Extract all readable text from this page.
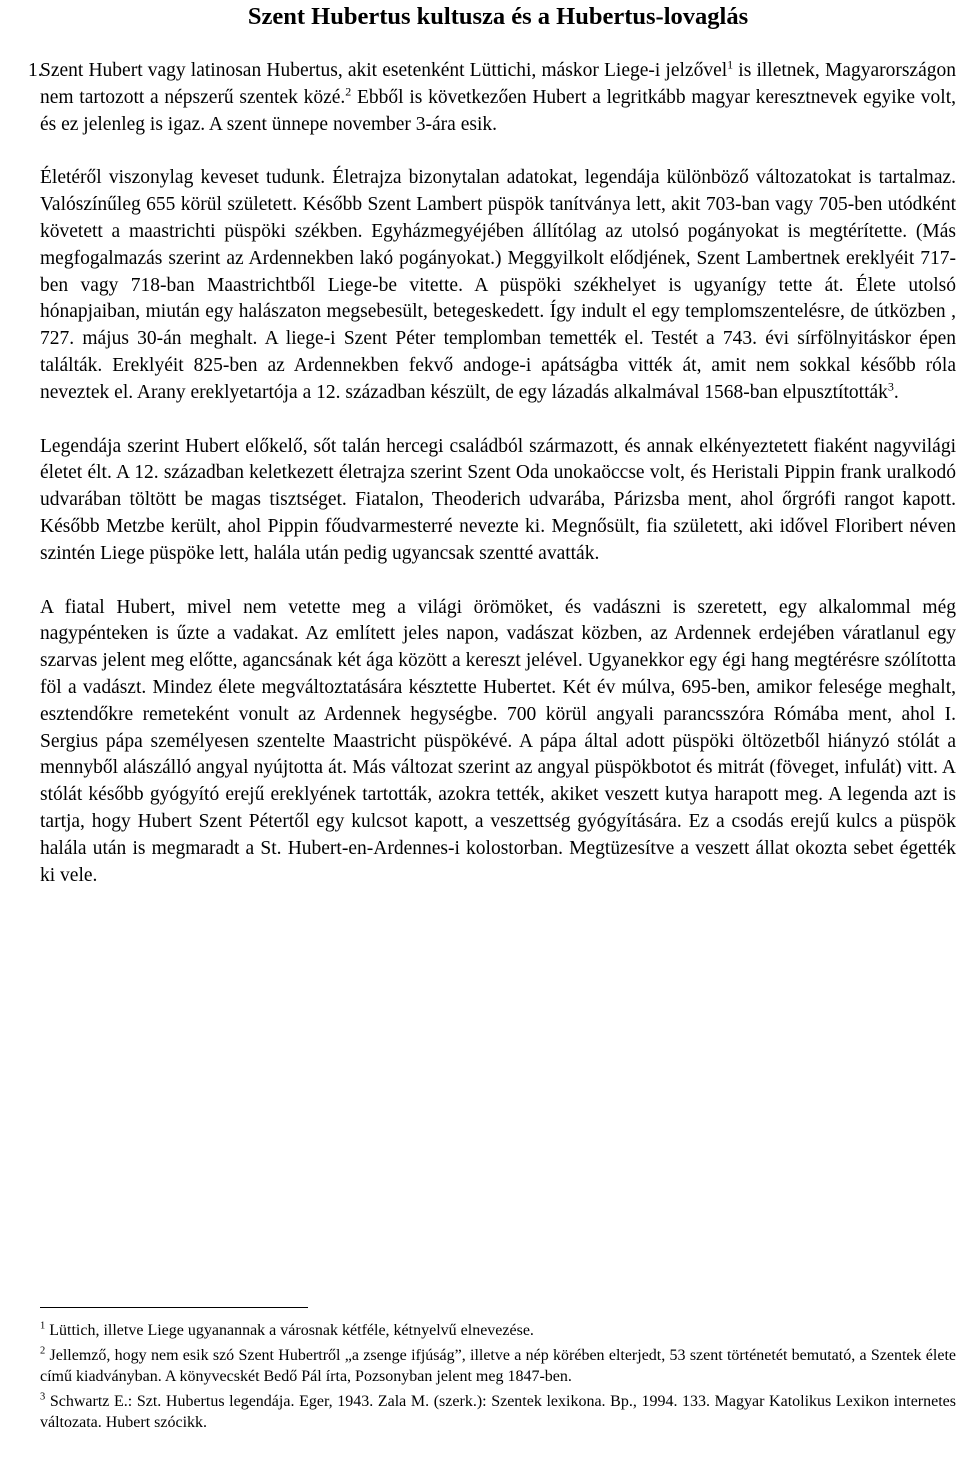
Szent Hubertus kultusza és a Hubertus-lovaglás

1.
Szent Hubert vagy latinosan Hubertus, akit esetenként Lüttichi, máskor Liege-i jelzővel$^1$ is illetnek, Magyarországon nem tartozott a népszerű szentek közé.$^2$ Ebből is következően Hubert a legritkább magyar keresztnevek egyike volt, és ez jelenleg is igaz. A szent ünnepe november 3-ára esik.

Életéről viszonylag keveset tudunk. Életrajza bizonytalan adatokat, legendája különböző változatokat is tartalmaz. Valószínűleg 655 körül született. Később Szent Lambert püspök tanítványa lett, akit 703-ban vagy 705-ben utódként követett a maastrichti püspöki székben. Egyházmegyéjében állítólag az utolsó pogányokat is megtérítette. (Más megfogalmazás szerint az Ardennekben lakó pogányokat.) Meggyilkolt elődjének, Szent Lambertnek ereklyéit 717-ben vagy 718-ban Maastrichtből Liege-be vitette. A püspöki székhelyet is ugyanígy tette át. Élete utolsó hónapjaiban, miután egy halászaton megsebesült, betegeskedett. Így indult el egy templomszentelésre, de útközben , 727. május 30-án meghalt. A liege-i Szent Péter templomban temették el. Testét a 743. évi sírfölnyitáskor épen találták. Ereklyéit 825-ben az Ardennekben fekvő andoge-i apátságba vitték át, amit nem sokkal később róla neveztek el. Arany ereklyetartója a 12. században készült, de egy lázadás alkalmával 1568-ban elpusztították$^3$.

Legendája szerint Hubert előkelő, sőt talán hercegi családból származott, és annak elkényeztetett fiaként nagyvilági életet élt. A 12. században keletkezett életrajza szerint Szent Oda unokaöccse volt, és Heristali Pippin frank uralkodó udvarában töltött be magas tisztséget. Fiatalon, Theoderich udvarába, Párizsba ment, ahol őrgrófi rangot kapott. Később Metzbe került, ahol Pippin főudvarmesterré nevezte ki. Megnősült, fia született, aki idővel Floribert néven szintén Liege püspöke lett, halála után pedig ugyancsak szentté avatták.

A fiatal Hubert, mivel nem vetette meg a világi örömöket, és vadászni is szeretett, egy alkalommal még nagypénteken is űzte a vadakat. Az említett jeles napon, vadászat közben, az Ardennek erdejében váratlanul egy szarvas jelent meg előtte, agancsának két ága között a kereszt jelével. Ugyanekkor egy égi hang megtérésre szólította föl a vadászt. Mindez élete megváltoztatására késztette Hubertet. Két év múlva, 695-ben, amikor felesége meghalt, esztendőkre remeteként vonult az Ardennek hegységbe. 700 körül angyali parancsszóra Rómába ment, ahol I. Sergius pápa személyesen szentelte Maastricht püspökévé. A pápa által adott püspöki öltözetből hiányzó stólát a mennyből alászálló angyal nyújtotta át. Más változat szerint az angyal püspökbotot és mitrát (föveget, infulát) vitt. A stólát később gyógyító erejű ereklyének tartották, azokra tették, akiket veszett kutya harapott meg. A legenda azt is tartja, hogy Hubert Szent Pétertől egy kulcsot kapott, a veszettség gyógyítására. Ez a csodás erejű kulcs a püspök halála után is megmaradt a St. Hubert-en-Ardennes-i kolostorban. Megtüzesítve a veszett állat okozta sebet égették ki vele.

$^1$ Lüttich, illetve Liege ugyanannak a városnak kétféle, kétnyelvű elnevezése.

$^2$ Jellemző, hogy nem esik szó Szent Hubertről „a zsenge ifjúság”, illetve a nép körében elterjedt, 53 szent történetét bemutató, a Szentek élete című kiadványban. A könyvecskét Bedő Pál írta, Pozsonyban jelent meg 1847-ben.

$^3$ Schwartz E.: Szt. Hubertus legendája. Eger, 1943. Zala M. (szerk.): Szentek lexikona. Bp., 1994. 133. Magyar Katolikus Lexikon internetes változata. Hubert szócikk.
